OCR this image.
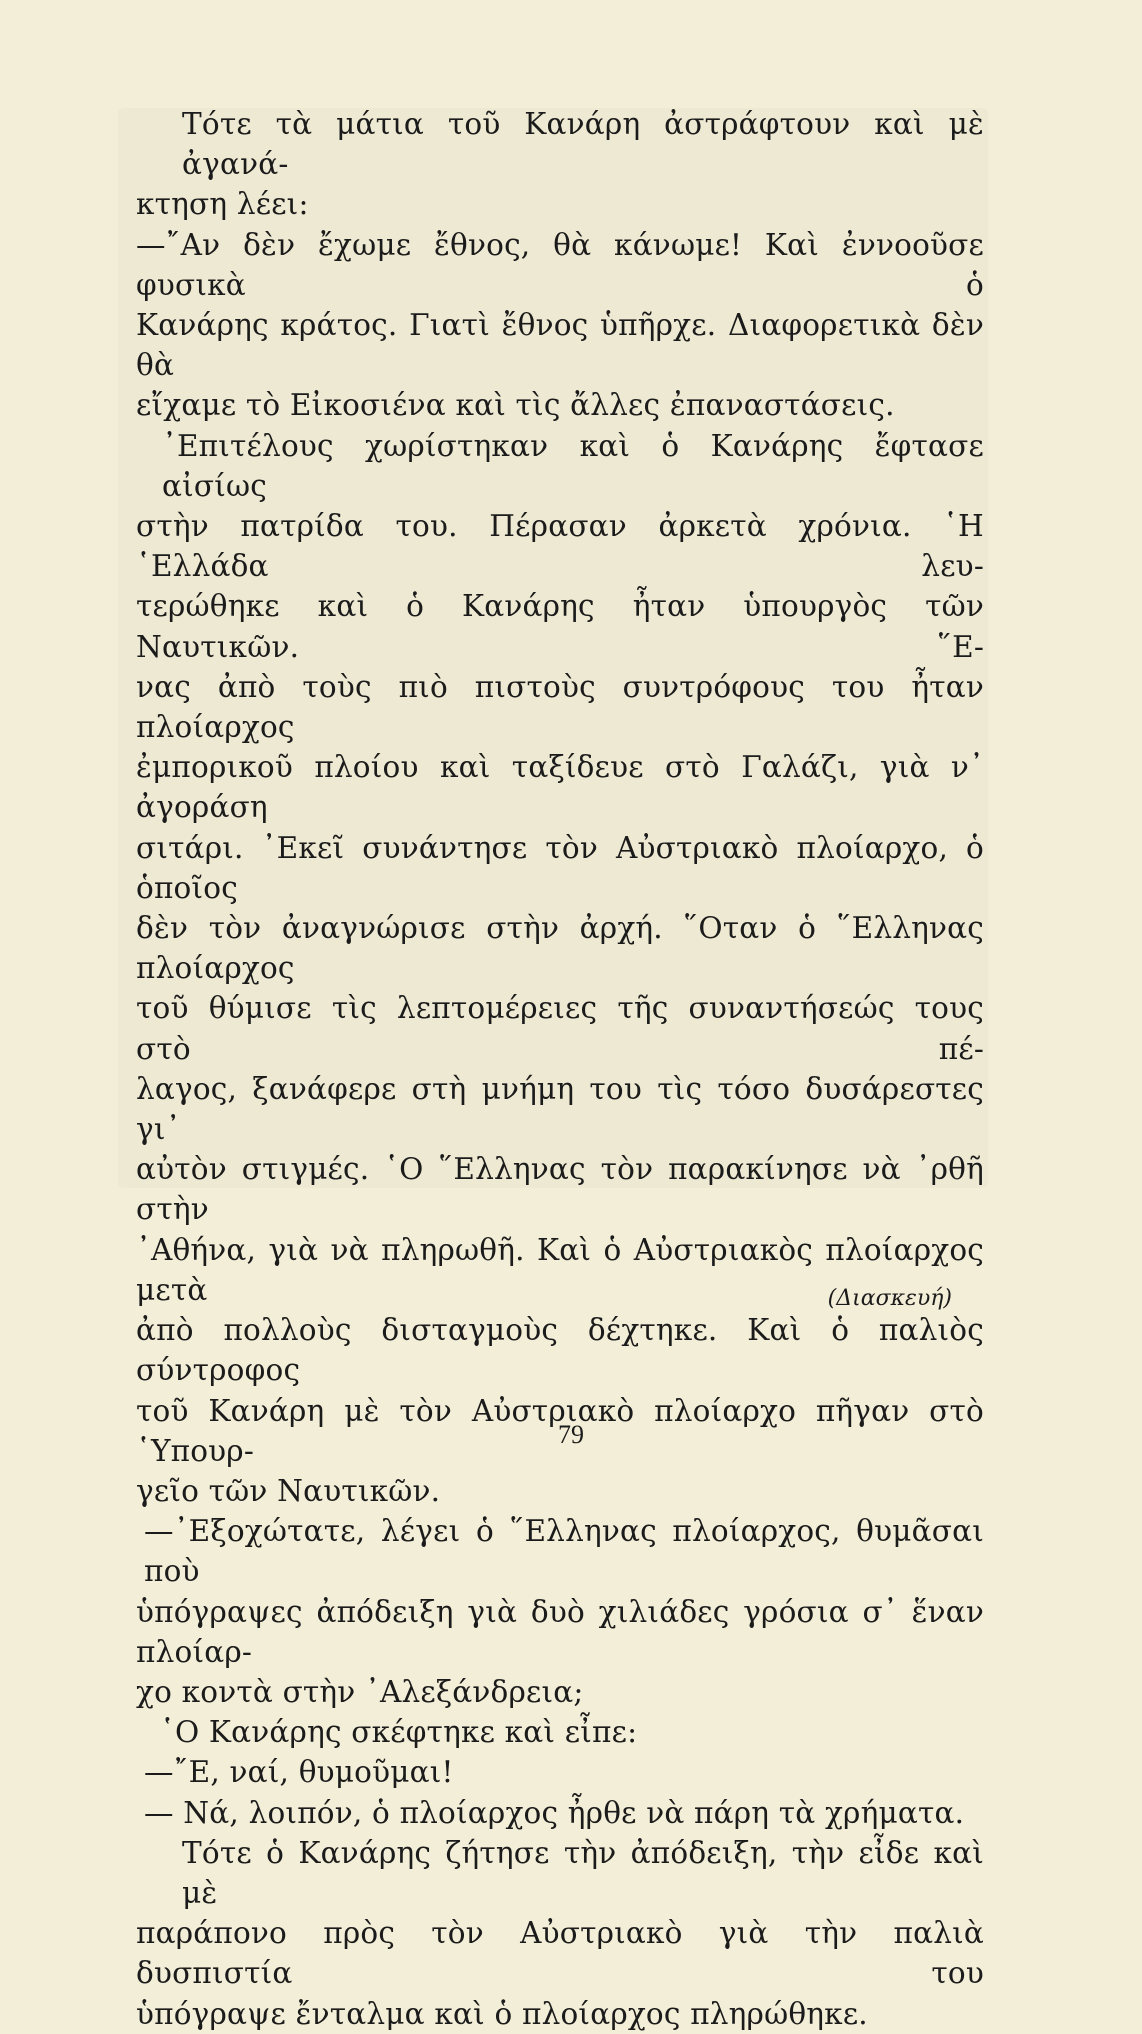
Τότε τὰ μάτια τοῦ Κανάρη ἀστράφτουν καὶ μὲ ἀγανά-
κτηση λέει:
—῎Αν δὲν ἔχωμε ἔθνος, θὰ κάνωμε! Καὶ ἐννοοῦσε φυσικὰ ὁ
Κανάρης κράτος. Γιατὶ ἔθνος ὑπῆρχε. Διαφορετικὰ δὲν θὰ
εἴχαμε τὸ Εἰκοσιένα καὶ τὶς ἄλλες ἐπαναστάσεις.
᾿Επιτέλους χωρίστηκαν καὶ ὁ Κανάρης ἔφτασε αἰσίως
στὴν πατρίδα του. Πέρασαν ἀρκετὰ χρόνια. ῾Η ῾Ελλάδα λευ-
τερώθηκε καὶ ὁ Κανάρης ἦταν ὑπουργὸς τῶν Ναυτικῶν. ῞Ε-
νας ἀπὸ τοὺς πιὸ πιστοὺς συντρόφους του ἦταν πλοίαρχος
ἐμπορικοῦ πλοίου καὶ ταξίδευε στὸ Γαλάζι, γιὰ ν᾿ ἀγοράση
σιτάρι. ᾿Εκεῖ συνάντησε τὸν Αὐστριακὸ πλοίαρχο, ὁ ὁποῖος
δὲν τὸν ἀναγνώρισε στὴν ἀρχή. ῞Οταν ὁ ῞Ελληνας πλοίαρχος
τοῦ θύμισε τὶς λεπτομέρειες τῆς συναντήσεώς τους στὸ πέ-
λαγος, ξανάφερε στὴ μνήμη του τὶς τόσο δυσάρεστες γι᾿
αὐτὸν στιγμές. ῾Ο ῞Ελληνας τὸν παρακίνησε νὰ ᾿ρθῆ στὴν
᾿Αθήνα, γιὰ νὰ πληρωθῆ. Καὶ ὁ Αὐστριακὸς πλοίαρχος μετὰ
ἀπὸ πολλοὺς δισταγμοὺς δέχτηκε. Καὶ ὁ παλιὸς σύντροφος
τοῦ Κανάρη μὲ τὸν Αὐστριακὸ πλοίαρχο πῆγαν στὸ ῾Υπουρ-
γεῖο τῶν Ναυτικῶν.
—᾿Εξοχώτατε, λέγει ὁ ῞Ελληνας πλοίαρχος, θυμᾶσαι ποὺ
ὑπόγραψες ἀπόδειξη γιὰ δυὸ χιλιάδες γρόσια σ᾿ ἕναν πλοίαρ-
χο κοντὰ στὴν ᾿Αλεξάνδρεια;
῾Ο Κανάρης σκέφτηκε καὶ εἶπε:
—῎Ε, ναί, θυμοῦμαι!
— Νά, λοιπόν, ὁ πλοίαρχος ἦρθε νὰ πάρη τὰ χρήματα.
Τότε ὁ Κανάρης ζήτησε τὴν ἀπόδειξη, τὴν εἶδε καὶ μὲ
παράπονο πρὸς τὸν Αὐστριακὸ γιὰ τὴν παλιὰ δυσπιστία του
ὑπόγραψε ἔνταλμα καὶ ὁ πλοίαρχος πληρώθηκε.
(Διασκευή)
79
